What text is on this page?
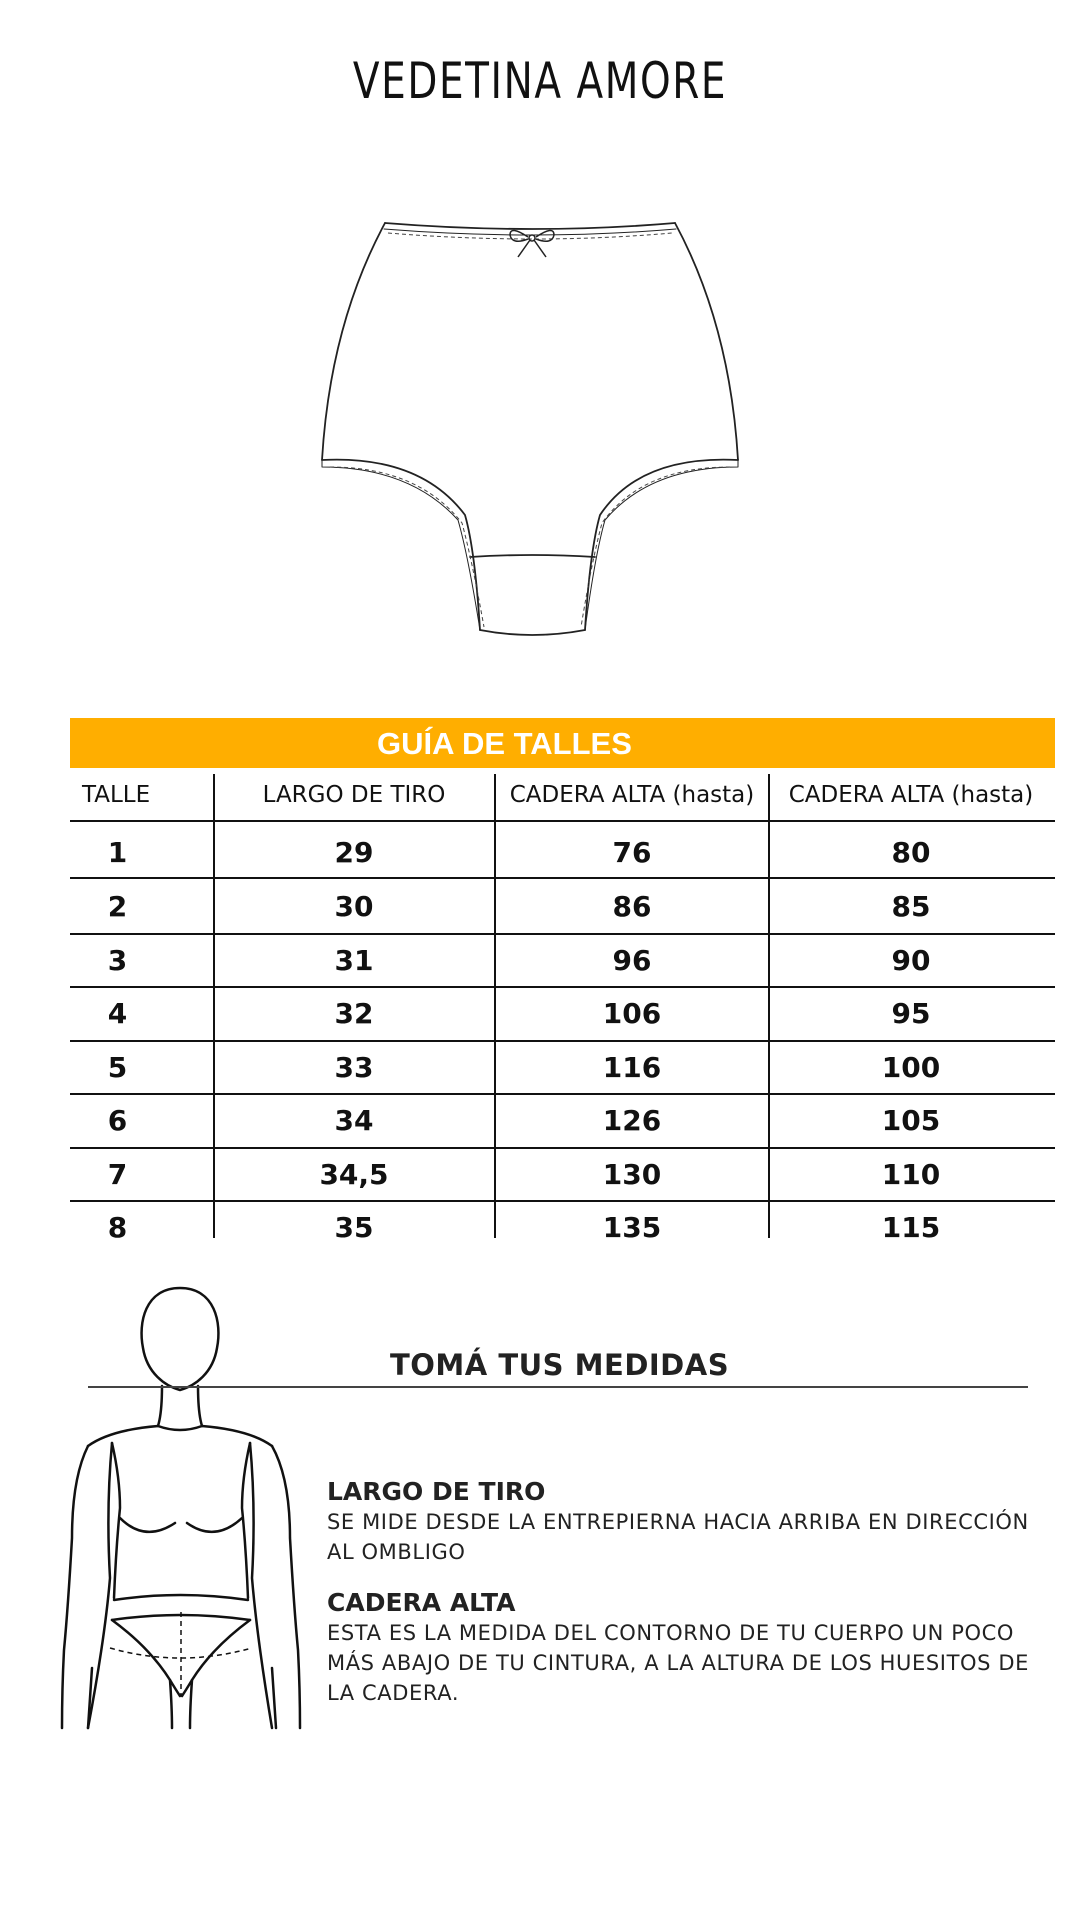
VEDETINA AMORE
GUÍA DE TALLES
TALLE	LARGO DE TIRO	CADERA ALTA (hasta)	CADERA ALTA (hasta)
1	29	76	80
2	30	86	85
3	31	96	90
4	32	106	95
5	33	116	100
6	34	126	105
7	34,5	130	110
8	35	135	115
TOMÁ TUS MEDIDAS
LARGO DE TIRO
SE MIDE DESDE LA ENTREPIERNA HACIA ARRIBA EN DIRECCIÓN AL OMBLIGO
CADERA ALTA
ESTA ES LA MEDIDA DEL CONTORNO DE TU CUERPO UN POCO MÁS ABAJO DE TU CINTURA, A LA ALTURA DE LOS HUESITOS DE LA CADERA.
